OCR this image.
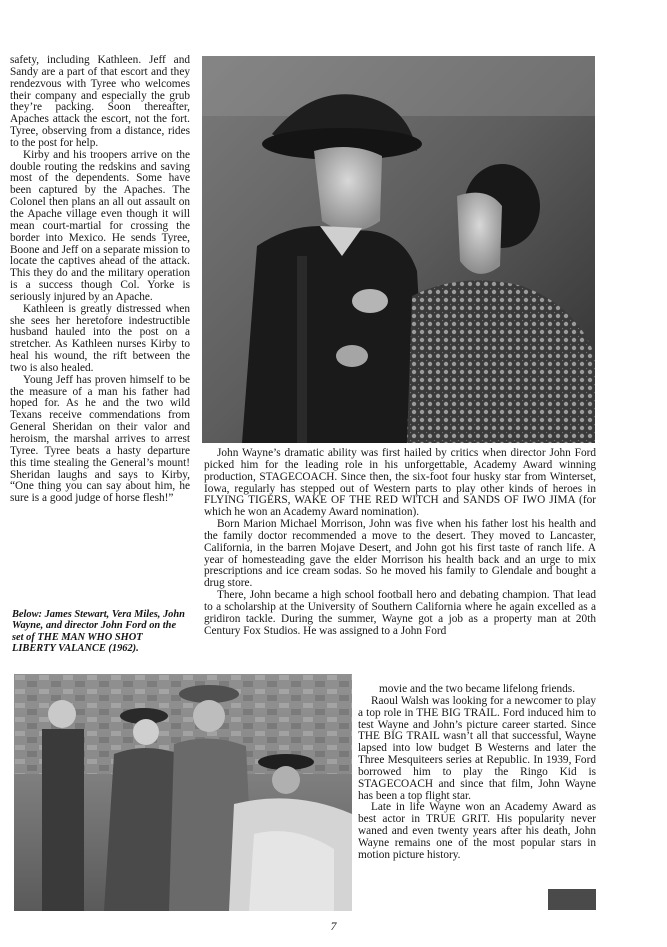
safety, including Kathleen. Jeff and Sandy are a part of that escort and they rendezvous with Tyree who welcomes their company and especially the grub they’re packing. Soon thereafter, Apaches attack the escort, not the fort. Tyree, observing from a distance, rides to the post for help.

Kirby and his troopers arrive on the double routing the redskins and saving most of the dependents. Some have been captured by the Apaches. The Colonel then plans an all out assault on the Apache village even though it will mean court-martial for crossing the border into Mexico. He sends Tyree, Boone and Jeff on a separate mission to locate the captives ahead of the attack. This they do and the military operation is a success though Col. Yorke is seriously injured by an Apache.

Kathleen is greatly distressed when she sees her heretofore indestructible husband hauled into the post on a stretcher. As Kathleen nurses Kirby to heal his wound, the rift between the two is also healed.

Young Jeff has proven himself to be the measure of a man his father had hoped for. As he and the two wild Texans receive commendations from General Sheridan on their valor and heroism, the marshal arrives to arrest Tyree. Tyree beats a hasty departure this time stealing the General’s mount! Sheridan laughs and says to Kirby, “One thing you can say about him, he sure is a good judge of horse flesh!”

Below: James Stewart, Vera Miles, John Wayne, and director John Ford on the set of THE MAN WHO SHOT LIBERTY VALANCE (1962).

John Wayne’s dramatic ability was first hailed by critics when director John Ford picked him for the leading role in his unforgettable, Academy Award winning production, STAGECOACH. Since then, the six-foot four husky star from Winterset, Iowa, regularly has stepped out of Western parts to play other kinds of heroes in FLYING TIGERS, WAKE OF THE RED WITCH and SANDS OF IWO JIMA (for which he won an Academy Award nomination).

Born Marion Michael Morrison, John was five when his father lost his health and the family doctor recommended a move to the desert. They moved to Lancaster, California, in the barren Mojave Desert, and John got his first taste of ranch life. A year of homesteading gave the elder Morrison his health back and an urge to mix prescriptions and ice cream sodas. So he moved his family to Glendale and bought a drug store.

There, John became a high school football hero and debating champion. That lead to a scholarship at the University of Southern California where he again excelled as a gridiron tackle. During the summer, Wayne got a job as a property man at 20th Century Fox Studios. He was assigned to a John Ford

movie and the two became lifelong friends.

Raoul Walsh was looking for a newcomer to play a top role in THE BIG TRAIL. Ford induced him to test Wayne and John’s picture career started. Since THE BIG TRAIL wasn’t all that successful, Wayne lapsed into low budget B Westerns and later the Three Mesquiteers series at Republic. In 1939, Ford borrowed him to play the Ringo Kid is STAGECOACH and since that film, John Wayne has been a top flight star.

Late in life Wayne won an Academy Award as best actor in TRUE GRIT. His popularity never waned and even twenty years after his death, John Wayne remains one of the most popular stars in motion picture history.

7
